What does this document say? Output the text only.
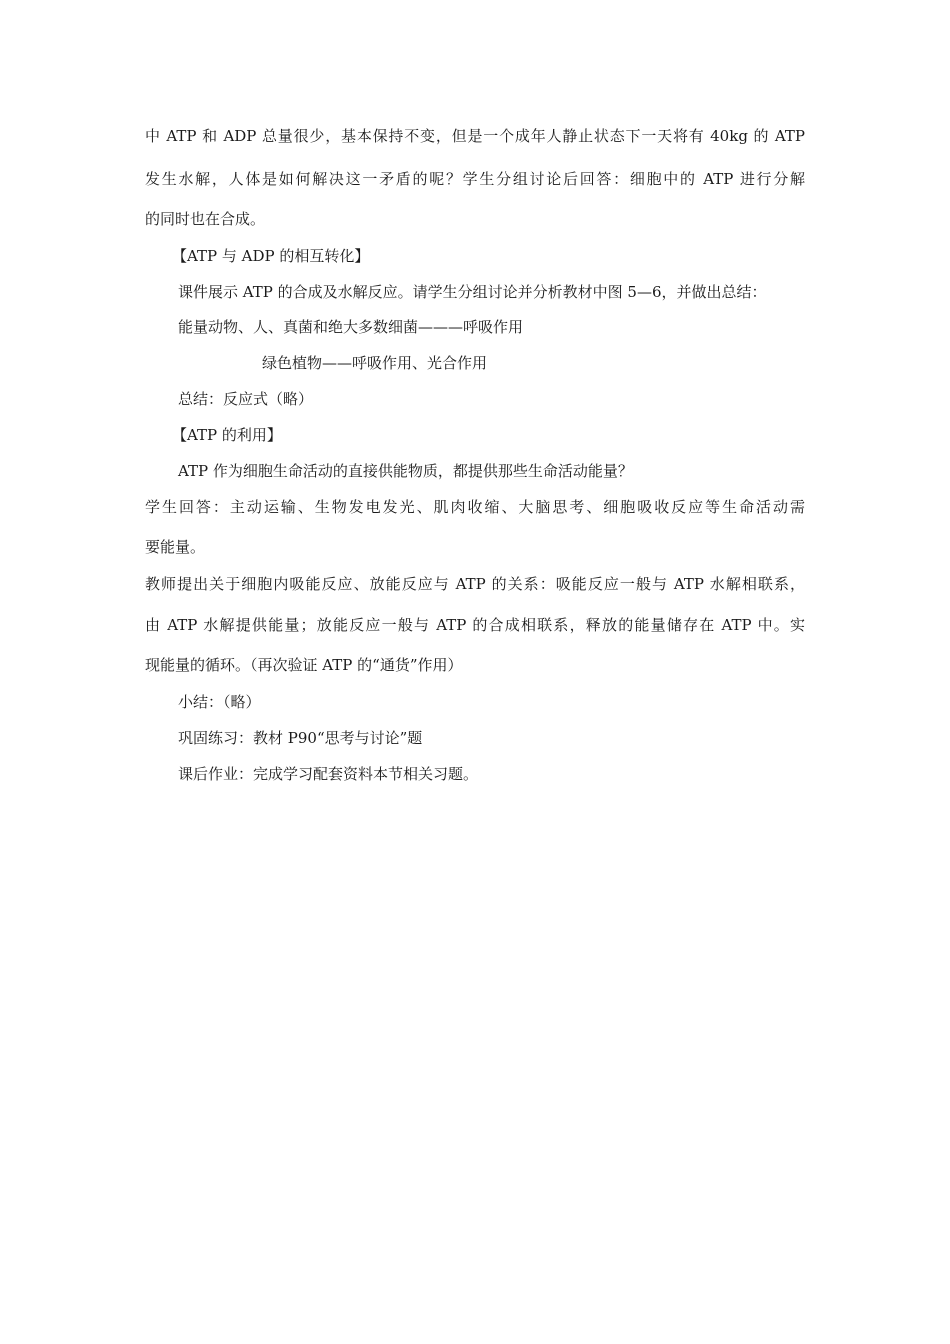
中 ATP 和 ADP 总量很少，基本保持不变，但是一个成年人静止状态下一天将有 40kg 的 ATP
发生水解，人体是如何解决这一矛盾的呢？学生分组讨论后回答：细胞中的 ATP 进行分解
的同时也在合成。
【ATP 与 ADP 的相互转化】
课件展示 ATP 的合成及水解反应。请学生分组讨论并分析教材中图 5—6，并做出总结：
能量动物、人、真菌和绝大多数细菌———呼吸作用
绿色植物——呼吸作用、光合作用
总结：反应式（略）
【ATP 的利用】
ATP 作为细胞生命活动的直接供能物质，都提供那些生命活动能量？
学生回答：主动运输、生物发电发光、肌肉收缩、大脑思考、细胞吸收反应等生命活动需
要能量。
教师提出关于细胞内吸能反应、放能反应与 ATP 的关系：吸能反应一般与 ATP 水解相联系，
由 ATP 水解提供能量；放能反应一般与 ATP 的合成相联系，释放的能量储存在 ATP 中。实
现能量的循环。（再次验证 ATP 的“通货”作用）
小结：（略）
巩固练习：教材 P90“思考与讨论”题
课后作业：完成学习配套资料本节相关习题。
